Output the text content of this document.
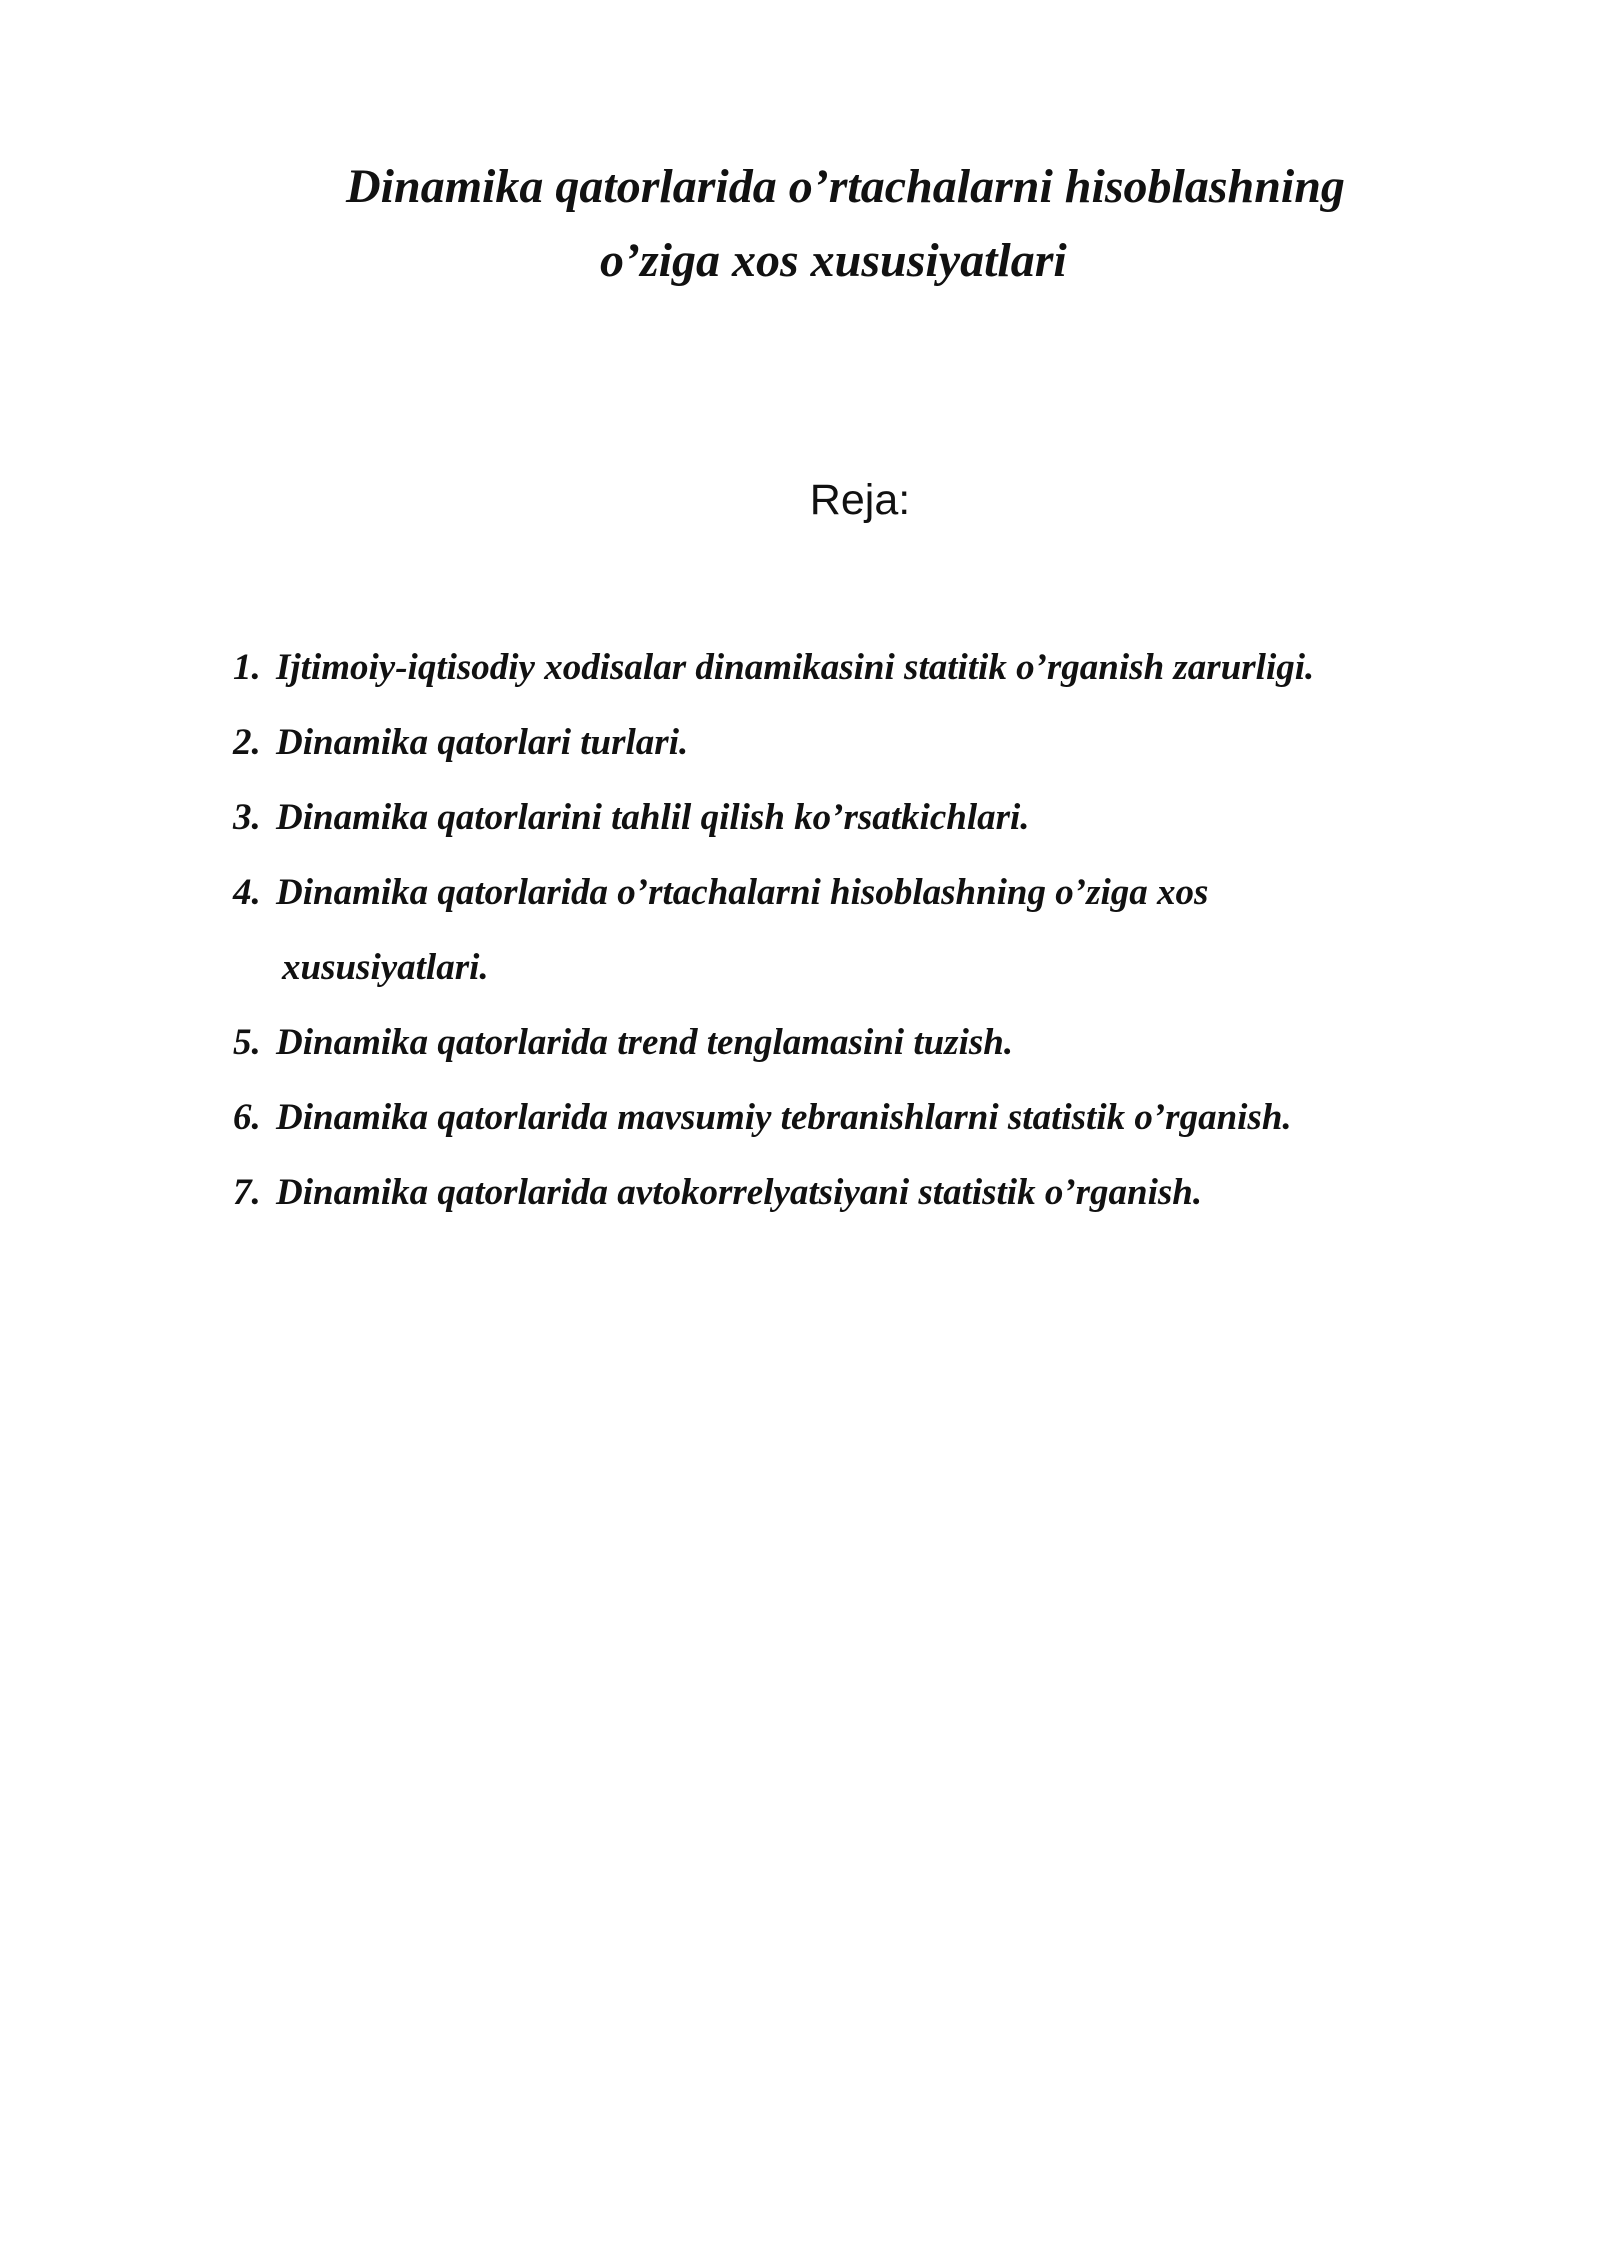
Dinamika qatorlarida o’rtachalarni hisoblashning
o’ziga xos xususiyatlari
Reja:
1. Ijtimoiy-iqtisodiy xodisalar dinamikasini statitik o’rganish zarurligi.
2. Dinamika qatorlari turlari.
3. Dinamika qatorlarini tahlil qilish ko’rsatkichlari.
4. Dinamika qatorlarida o’rtachalarni hisoblashning o’ziga xos
xususiyatlari.
5. Dinamika qatorlarida trend tenglamasini tuzish.
6. Dinamika qatorlarida mavsumiy tebranishlarni statistik o’rganish.
7. Dinamika qatorlarida avtokorrelyatsiyani statistik o’rganish.
